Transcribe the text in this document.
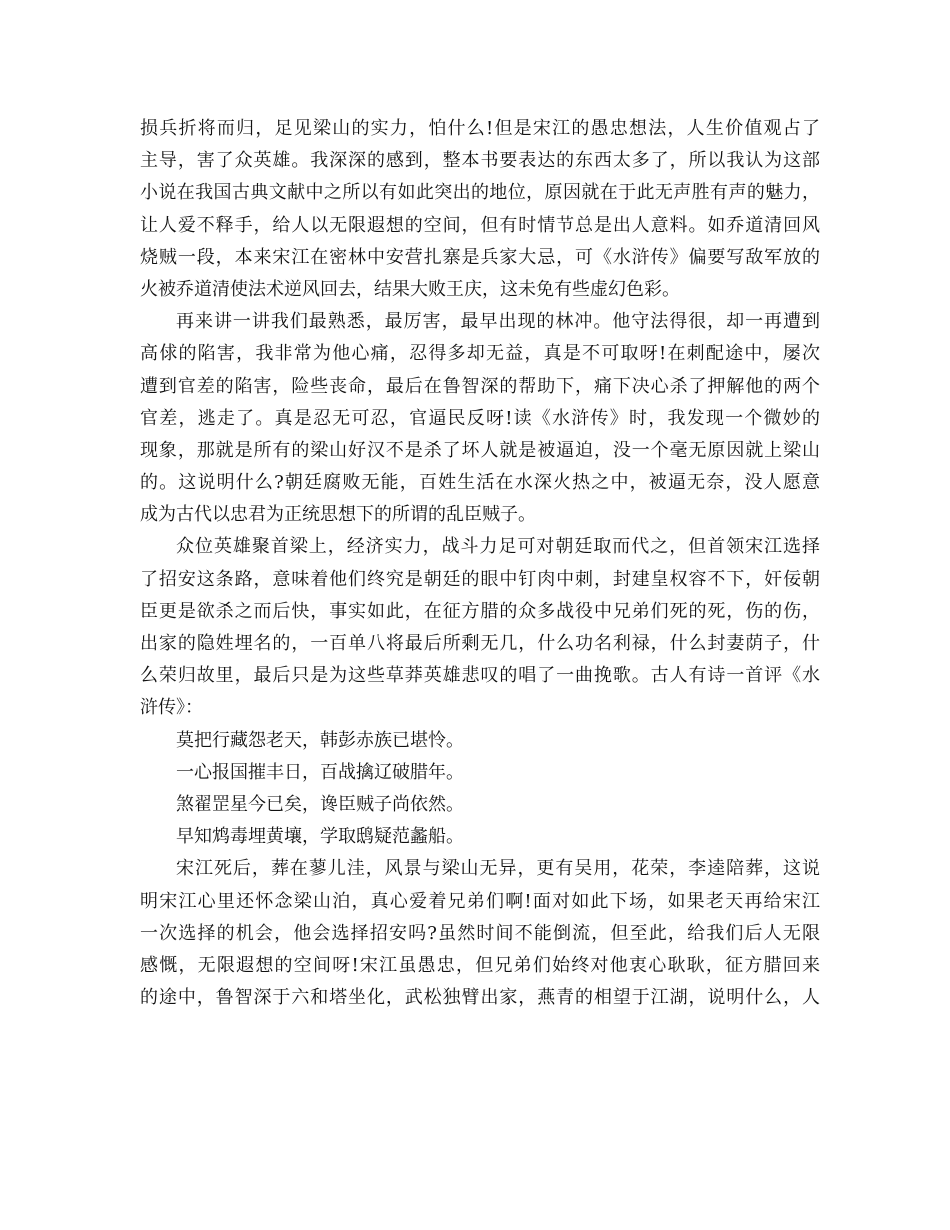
损兵折将而归，足见梁山的实力，怕什么!但是宋江的愚忠想法，人生价值观占了
主导，害了众英雄。我深深的感到，整本书要表达的东西太多了，所以我认为这部
小说在我国古典文献中之所以有如此突出的地位，原因就在于此无声胜有声的魅力，
让人爱不释手，给人以无限遐想的空间，但有时情节总是出人意料。如乔道清回风
烧贼一段，本来宋江在密林中安营扎寨是兵家大忌，可《水浒传》偏要写敌军放的
火被乔道清使法术逆风回去，结果大败王庆，这未免有些虚幻色彩。
再来讲一讲我们最熟悉，最厉害，最早出现的林冲。他守法得很，却一再遭到
高俅的陷害，我非常为他心痛，忍得多却无益，真是不可取呀!在刺配途中，屡次
遭到官差的陷害，险些丧命，最后在鲁智深的帮助下，痛下决心杀了押解他的两个
官差，逃走了。真是忍无可忍，官逼民反呀!读《水浒传》时，我发现一个微妙的
现象，那就是所有的梁山好汉不是杀了坏人就是被逼迫，没一个毫无原因就上梁山
的。这说明什么?朝廷腐败无能，百姓生活在水深火热之中，被逼无奈，没人愿意
成为古代以忠君为正统思想下的所谓的乱臣贼子。
众位英雄聚首梁上，经济实力，战斗力足可对朝廷取而代之，但首领宋江选择
了招安这条路，意味着他们终究是朝廷的眼中钉肉中刺，封建皇权容不下，奸佞朝
臣更是欲杀之而后快，事实如此，在征方腊的众多战役中兄弟们死的死，伤的伤，
出家的隐姓埋名的，一百单八将最后所剩无几，什么功名利禄，什么封妻荫子，什
么荣归故里，最后只是为这些草莽英雄悲叹的唱了一曲挽歌。古人有诗一首评《水
浒传》：
莫把行藏怨老天，韩彭赤族已堪怜。
一心报国摧丰日，百战擒辽破腊年。
煞翟罡星今已矣，谗臣贼子尚依然。
早知鸩毒埋黄壤，学取鸱疑范蠡船。
宋江死后，葬在蓼儿洼，风景与梁山无异，更有吴用，花荣，李逵陪葬，这说
明宋江心里还怀念梁山泊，真心爱着兄弟们啊!面对如此下场，如果老天再给宋江
一次选择的机会，他会选择招安吗?虽然时间不能倒流，但至此，给我们后人无限
感慨，无限遐想的空间呀!宋江虽愚忠，但兄弟们始终对他衷心耿耿，征方腊回来
的途中，鲁智深于六和塔坐化，武松独臂出家，燕青的相望于江湖，说明什么，人
